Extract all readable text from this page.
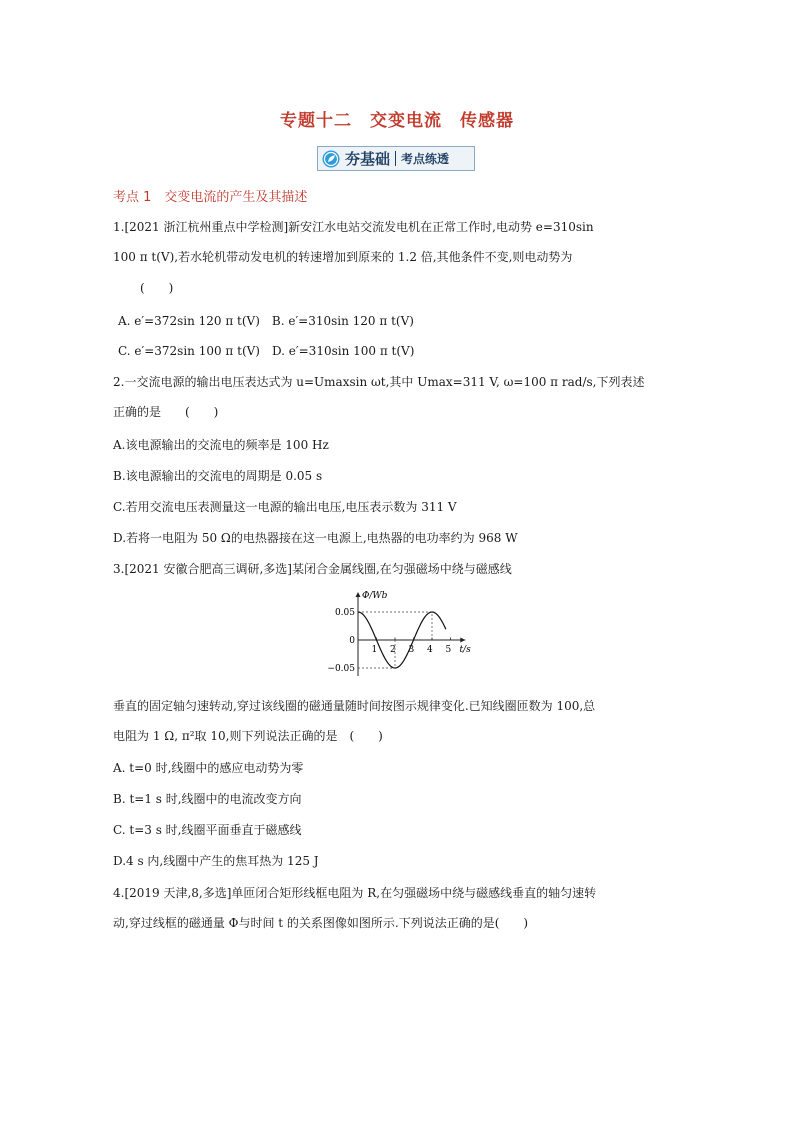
专题十二　交变电流　传感器
夯基础 考点练透
考点 1　交变电流的产生及其描述
1.[2021 浙江杭州重点中学检测]新安江水电站交流发电机在正常工作时,电动势 e=310sin
100 π t(V),若水轮机带动发电机的转速增加到原来的 1.2 倍,其他条件不变,则电动势为
(　　)
A. e′=372sin 120 π t(V)　B. e′=310sin 120 π t(V)
C. e′=372sin 100 π t(V)　D. e′=310sin 100 π t(V)
2.一交流电源的输出电压表达式为 u=Umaxsin ωt,其中 Umax=311 V, ω=100 π rad/s,下列表述
正确的是　　(　　)
A.该电源输出的交流电的频率是 100 Hz
B.该电源输出的交流电的周期是 0.05 s
C.若用交流电压表测量这一电源的输出电压,电压表示数为 311 V
D.若将一电阻为 50 Ω的电热器接在这一电源上,电热器的电功率约为 968 W
3.[2021 安徽合肥高三调研,多选]某闭合金属线圈,在匀强磁场中绕与磁感线
Φ/Wb
t/s
0.05
0
−0.05
1 2 3 4 5
垂直的固定轴匀速转动,穿过该线圈的磁通量随时间按图示规律变化.已知线圈匝数为 100,总
电阻为 1 Ω, π²取 10,则下列说法正确的是　(　　)
A. t=0 时,线圈中的感应电动势为零
B. t=1 s 时,线圈中的电流改变方向
C. t=3 s 时,线圈平面垂直于磁感线
D.4 s 内,线圈中产生的焦耳热为 125 J
4.[2019 天津,8,多选]单匝闭合矩形线框电阻为 R,在匀强磁场中绕与磁感线垂直的轴匀速转
动,穿过线框的磁通量 Φ与时间 t 的关系图像如图所示.下列说法正确的是(　　)
